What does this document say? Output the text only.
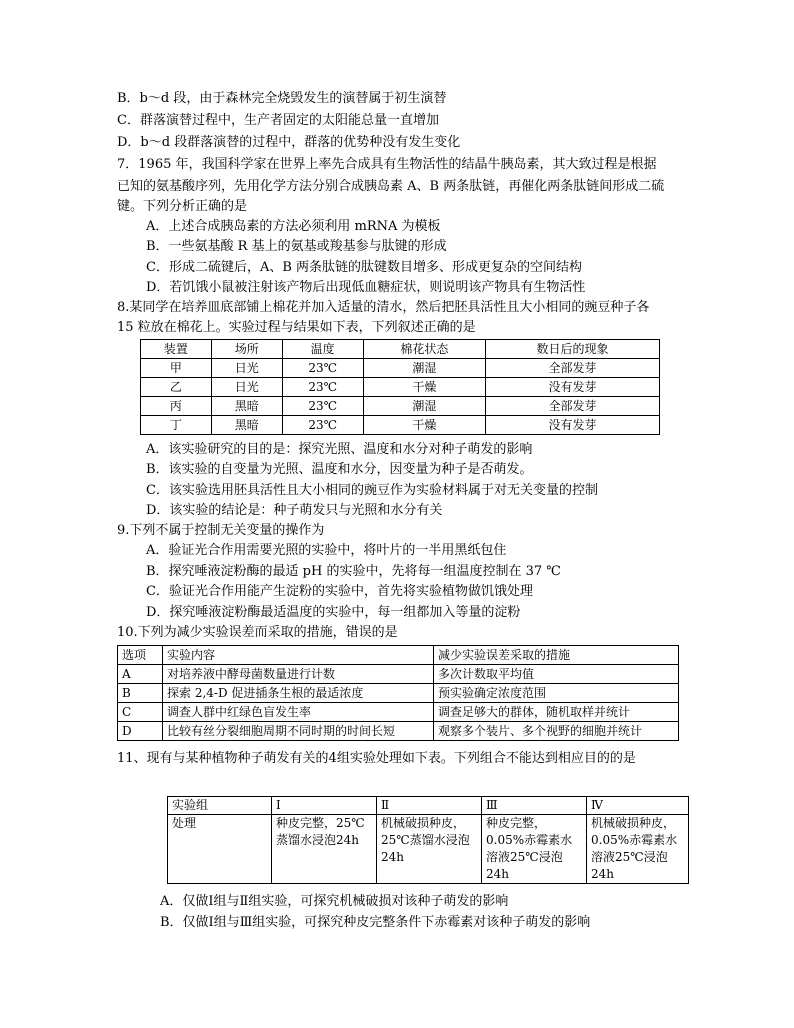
B．b～d 段，由于森林完全烧毁发生的演替属于初生演替
C．群落演替过程中，生产者固定的太阳能总量一直增加
D．b～d 段群落演替的过程中，群落的优势种没有发生变化
7．1965 年，我国科学家在世界上率先合成具有生物活性的结晶牛胰岛素，其大致过程是根据
已知的氨基酸序列，先用化学方法分别合成胰岛素 A、B 两条肽链，再催化两条肽链间形成二硫
键。下列分析正确的是
A．上述合成胰岛素的方法必须利用 mRNA 为模板
B．一些氨基酸 R 基上的氨基或羧基参与肽键的形成
C．形成二硫键后，A、B 两条肽链的肽键数目增多、形成更复杂的空间结构
D．若饥饿小鼠被注射该产物后出现低血糖症状，则说明该产物具有生物活性
8.某同学在培养皿底部铺上棉花并加入适量的清水，然后把胚具活性且大小相同的豌豆种子各
15 粒放在棉花上。实验过程与结果如下表，下列叙述正确的是
装置	场所	温度	棉花状态	数日后的现象
甲	日光	23℃	潮湿	全部发芽
乙	日光	23℃	干燥	没有发芽
丙	黑暗	23℃	潮湿	全部发芽
丁	黑暗	23℃	干燥	没有发芽
A．该实验研究的目的是：探究光照、温度和水分对种子萌发的影响
B．该实验的自变量为光照、温度和水分，因变量为种子是否萌发。
C．该实验选用胚具活性且大小相同的豌豆作为实验材料属于对无关变量的控制
D．该实验的结论是：种子萌发只与光照和水分有关
9.下列不属于控制无关变量的操作为
A．验证光合作用需要光照的实验中，将叶片的一半用黑纸包住
B．探究唾液淀粉酶的最适 pH 的实验中，先将每一组温度控制在 37 ℃
C．验证光合作用能产生淀粉的实验中，首先将实验植物做饥饿处理
D．探究唾液淀粉酶最适温度的实验中，每一组都加入等量的淀粉
10.下列为减少实验误差而采取的措施，错误的是
选项	实验内容	减少实验误差采取的措施
A	对培养液中酵母菌数量进行计数	多次计数取平均值
B	探索 2,4-D 促进插条生根的最适浓度	预实验确定浓度范围
C	调查人群中红绿色盲发生率	调查足够大的群体，随机取样并统计
D	比较有丝分裂细胞周期不同时期的时间长短	观察多个装片、多个视野的细胞并统计
11、现有与某种植物种子萌发有关的4组实验处理如下表。下列组合不能达到相应目的的是
实验组	Ⅰ	Ⅱ	Ⅲ	Ⅳ
处理	种皮完整，25℃蒸馏水浸泡24h	机械破损种皮，25℃蒸馏水浸泡24h	种皮完整，0.05%赤霉素水溶液25℃浸泡24h	机械破损种皮，0.05%赤霉素水溶液25℃浸泡24h
A．仅做Ⅰ组与Ⅱ组实验，可探究机械破损对该种子萌发的影响
B．仅做Ⅰ组与Ⅲ组实验，可探究种皮完整条件下赤霉素对该种子萌发的影响
